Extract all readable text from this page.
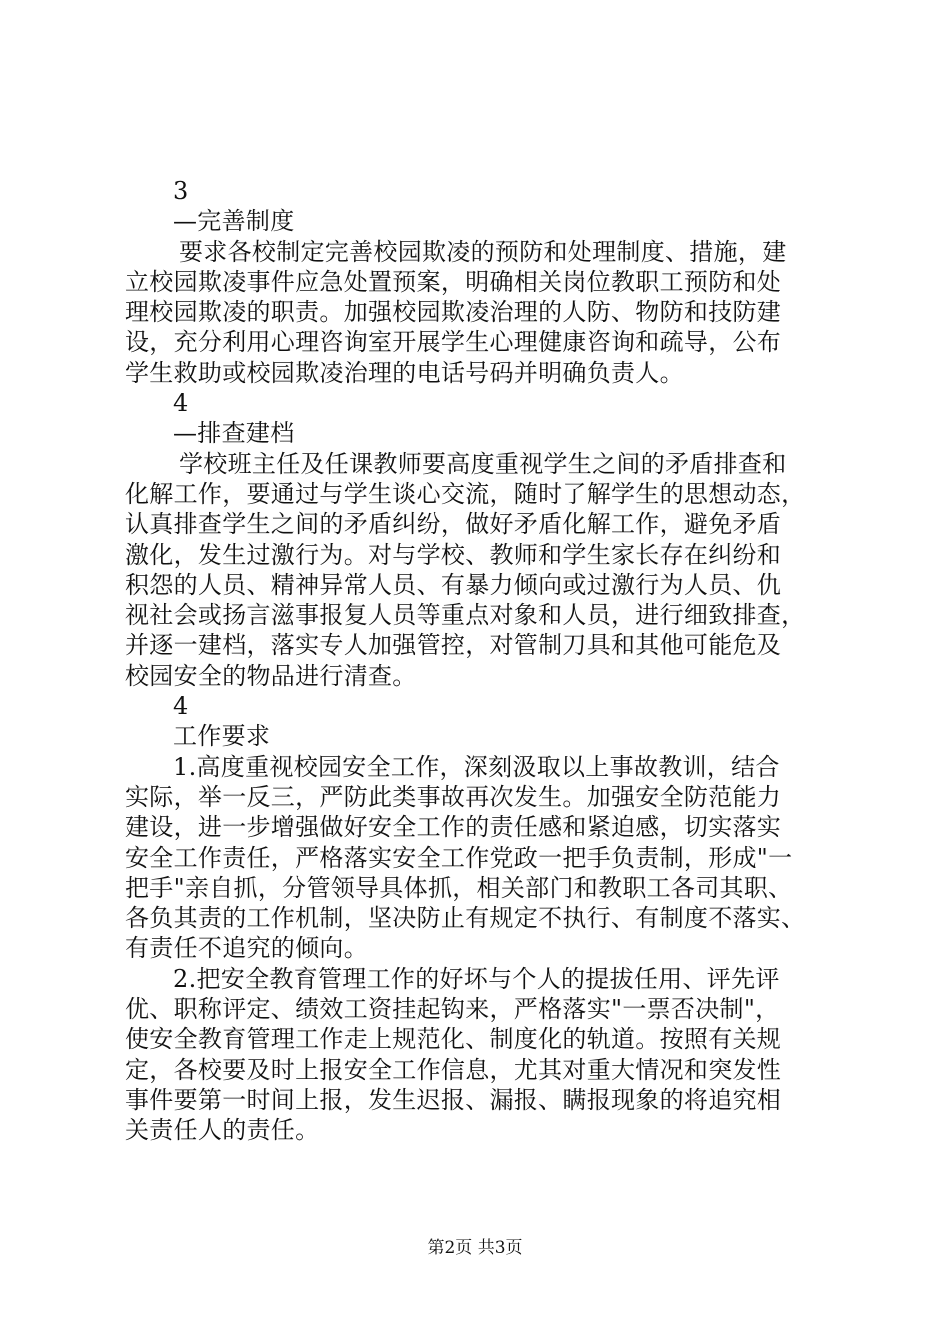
3
—完善制度
要求各校制定完善校园欺凌的预防和处理制度、措施，建
立校园欺凌事件应急处置预案，明确相关岗位教职工预防和处
理校园欺凌的职责。加强校园欺凌治理的人防、物防和技防建
设，充分利用心理咨询室开展学生心理健康咨询和疏导，公布
学生救助或校园欺凌治理的电话号码并明确负责人。
4
—排查建档
学校班主任及任课教师要高度重视学生之间的矛盾排查和
化解工作，要通过与学生谈心交流，随时了解学生的思想动态，
认真排查学生之间的矛盾纠纷，做好矛盾化解工作，避免矛盾
激化，发生过激行为。对与学校、教师和学生家长存在纠纷和
积怨的人员、精神异常人员、有暴力倾向或过激行为人员、仇
视社会或扬言滋事报复人员等重点对象和人员，进行细致排查，
并逐一建档，落实专人加强管控，对管制刀具和其他可能危及
校园安全的物品进行清查。
4
工作要求
1.高度重视校园安全工作，深刻汲取以上事故教训，结合
实际，举一反三，严防此类事故再次发生。加强安全防范能力
建设，进一步增强做好安全工作的责任感和紧迫感，切实落实
安全工作责任，严格落实安全工作党政一把手负责制，形成"一
把手"亲自抓，分管领导具体抓，相关部门和教职工各司其职、
各负其责的工作机制，坚决防止有规定不执行、有制度不落实、
有责任不追究的倾向。
2.把安全教育管理工作的好坏与个人的提拔任用、评先评
优、职称评定、绩效工资挂起钩来，严格落实"一票否决制"，
使安全教育管理工作走上规范化、制度化的轨道。按照有关规
定，各校要及时上报安全工作信息，尤其对重大情况和突发性
事件要第一时间上报，发生迟报、漏报、瞒报现象的将追究相
关责任人的责任。
第2页 共3页
